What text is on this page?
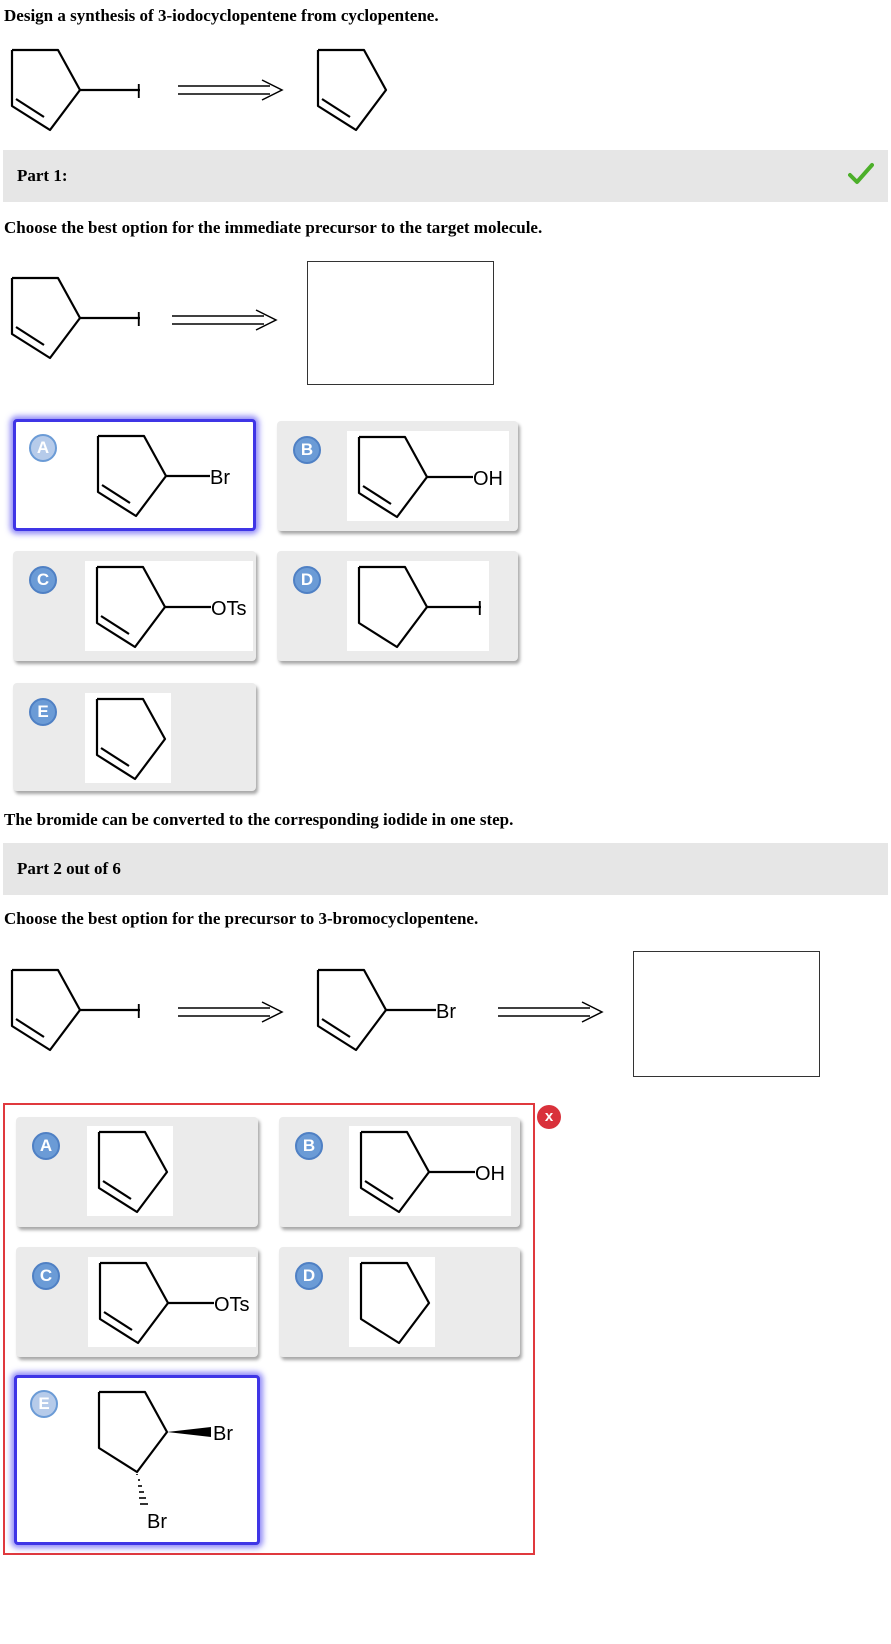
Design a synthesis of 3-iodocyclopentene from cyclopentene.
I
Part 1:
Choose the best option for the immediate precursor to the target molecule.
I
A
Br
B
OH
C
OTs
D
I
E
The bromide can be converted to the corresponding iodide in one step.
Part 2 out of 6
Choose the best option for the precursor to 3-bromocyclopentene.
I	Br
x
A	B
OH
C
OTs
D
E
Br
Br
